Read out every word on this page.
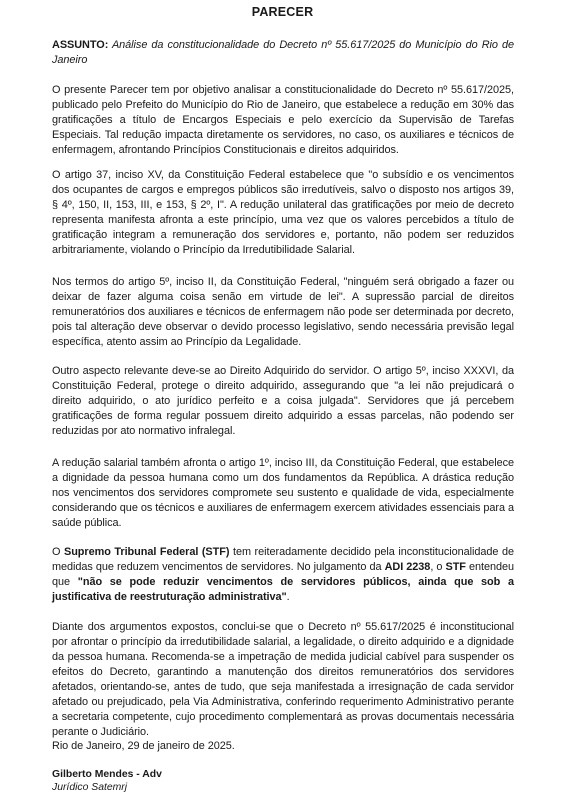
PARECER

ASSUNTO: Análise da constitucionalidade do Decreto nº 55.617/2025 do Município do Rio de Janeiro

O presente Parecer tem por objetivo analisar a constitucionalidade do Decreto nº 55.617/2025, publicado pelo Prefeito do Município do Rio de Janeiro, que estabelece a redução em 30% das gratificações a título de Encargos Especiais e pelo exercício da Supervisão de Tarefas Especiais. Tal redução impacta diretamente os servidores, no caso, os auxiliares e técnicos de enfermagem, afrontando Princípios Constitucionais e direitos adquiridos.

O artigo 37, inciso XV, da Constituição Federal estabelece que "o subsídio e os vencimentos dos ocupantes de cargos e empregos públicos são irredutíveis, salvo o disposto nos artigos 39, § 4º, 150, II, 153, III, e 153, § 2º, I". A redução unilateral das gratificações por meio de decreto representa manifesta afronta a este princípio, uma vez que os valores percebidos a título de gratificação integram a remuneração dos servidores e, portanto, não podem ser reduzidos arbitrariamente, violando o Princípio da Irredutibilidade Salarial.

Nos termos do artigo 5º, inciso II, da Constituição Federal, "ninguém será obrigado a fazer ou deixar de fazer alguma coisa senão em virtude de lei". A supressão parcial de direitos remuneratórios dos auxiliares e técnicos de enfermagem não pode ser determinada por decreto, pois tal alteração deve observar o devido processo legislativo, sendo necessária previsão legal específica, atento assim ao Princípio da Legalidade.

Outro aspecto relevante deve-se ao Direito Adquirido do servidor. O artigo 5º, inciso XXXVI, da Constituição Federal, protege o direito adquirido, assegurando que "a lei não prejudicará o direito adquirido, o ato jurídico perfeito e a coisa julgada". Servidores que já percebem gratificações de forma regular possuem direito adquirido a essas parcelas, não podendo ser reduzidas por ato normativo infralegal.

A redução salarial também afronta o artigo 1º, inciso III, da Constituição Federal, que estabelece a dignidade da pessoa humana como um dos fundamentos da República. A drástica redução nos vencimentos dos servidores compromete seu sustento e qualidade de vida, especialmente considerando que os técnicos e auxiliares de enfermagem exercem atividades essenciais para a saúde pública.

O Supremo Tribunal Federal (STF) tem reiteradamente decidido pela inconstitucionalidade de medidas que reduzem vencimentos de servidores. No julgamento da ADI 2238, o STF entendeu que "não se pode reduzir vencimentos de servidores públicos, ainda que sob a justificativa de reestruturação administrativa".

Diante dos argumentos expostos, conclui-se que o Decreto nº 55.617/2025 é inconstitucional por afrontar o princípio da irredutibilidade salarial, a legalidade, o direito adquirido e a dignidade da pessoa humana. Recomenda-se a impetração de medida judicial cabível para suspender os efeitos do Decreto, garantindo a manutenção dos direitos remuneratórios dos servidores afetados, orientando-se, antes de tudo, que seja manifestada a irresignação de cada servidor afetado ou prejudicado, pela Via Administrativa, conferindo requerimento Administrativo perante a secretaria competente, cujo procedimento complementará as provas documentais necessária perante o Judiciário.

Rio de Janeiro, 29 de janeiro de 2025.

Gilberto Mendes - Adv
Jurídico Satemrj
